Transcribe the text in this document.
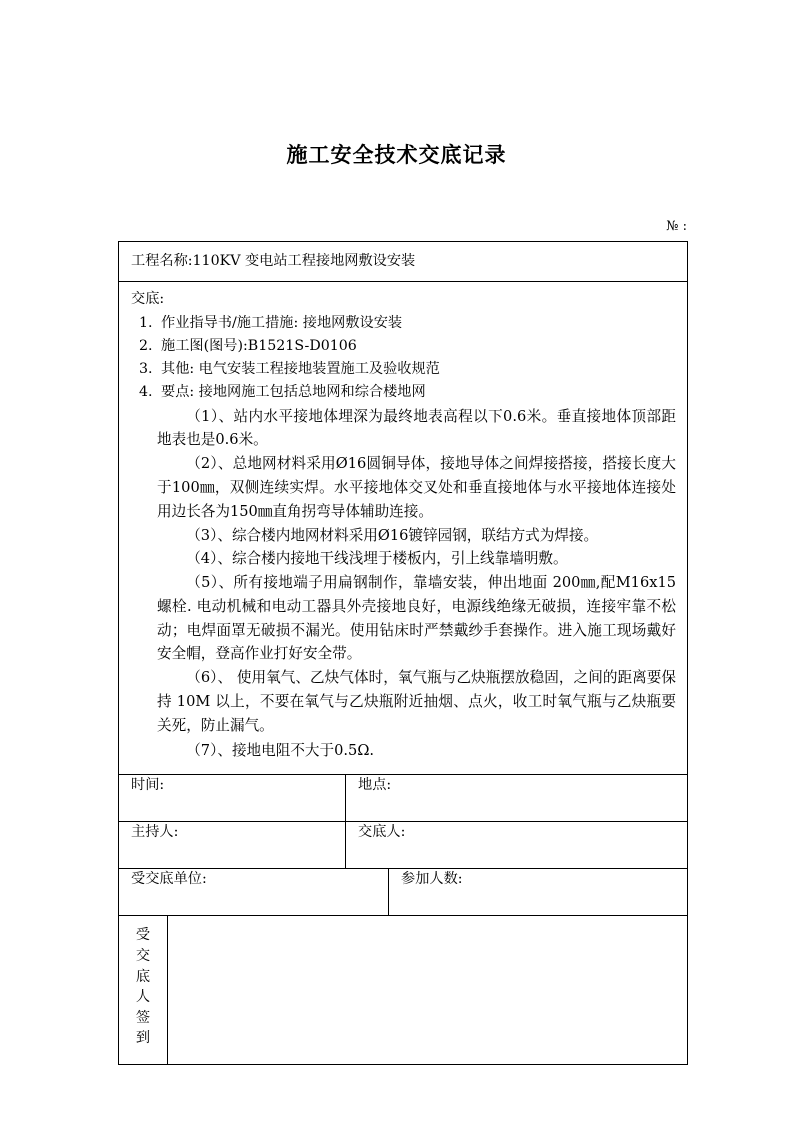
施工安全技术交底记录
№ :
工程名称:110KV 变电站工程接地网敷设安装			

交底:
1. 作业指导书/施工措施: 接地网敷设安装
2. 施工图(图号):B1521S-D0106
3. 其他: 电气安装工程接地装置施工及验收规范
4. 要点: 接地网施工包括总地网和综合楼地网
（1）、站内水平接地体埋深为最终地表高程以下0.6米。垂直接地体顶部距地表也是0.6米。
（2）、总地网材料采用Ø16圆铜导体，接地导体之间焊接搭接，搭接长度大于100㎜，双侧连续实焊。水平接地体交叉处和垂直接地体与水平接地体连接处用边长各为150㎜直角拐弯导体辅助连接。
（3）、综合楼内地网材料采用Ø16镀锌园钢，联结方式为焊接。
（4）、综合楼内接地干线浅埋于楼板内，引上线靠墙明敷。
（5）、所有接地端子用扁钢制作，靠墙安装，伸出地面 200㎜,配M16x15 螺栓. 电动机械和电动工器具外壳接地良好，电源线绝缘无破损，连接牢靠不松动；电焊面罩无破损不漏光。使用钻床时严禁戴纱手套操作。进入施工现场戴好安全帽，登高作业打好安全带。
（6）、 使用氧气、乙炔气体时，氧气瓶与乙炔瓶摆放稳固，之间的距离要保持 10M 以上，不要在氧气与乙炔瓶附近抽烟、点火，收工时氧气瓶与乙炔瓶要关死，防止漏气。
（7）、接地电阻不大于0.5Ω.

时间:		地点:	

主持人:		交底人:	

受交底单位:			参加人数:

受
交
底
人
签
到
